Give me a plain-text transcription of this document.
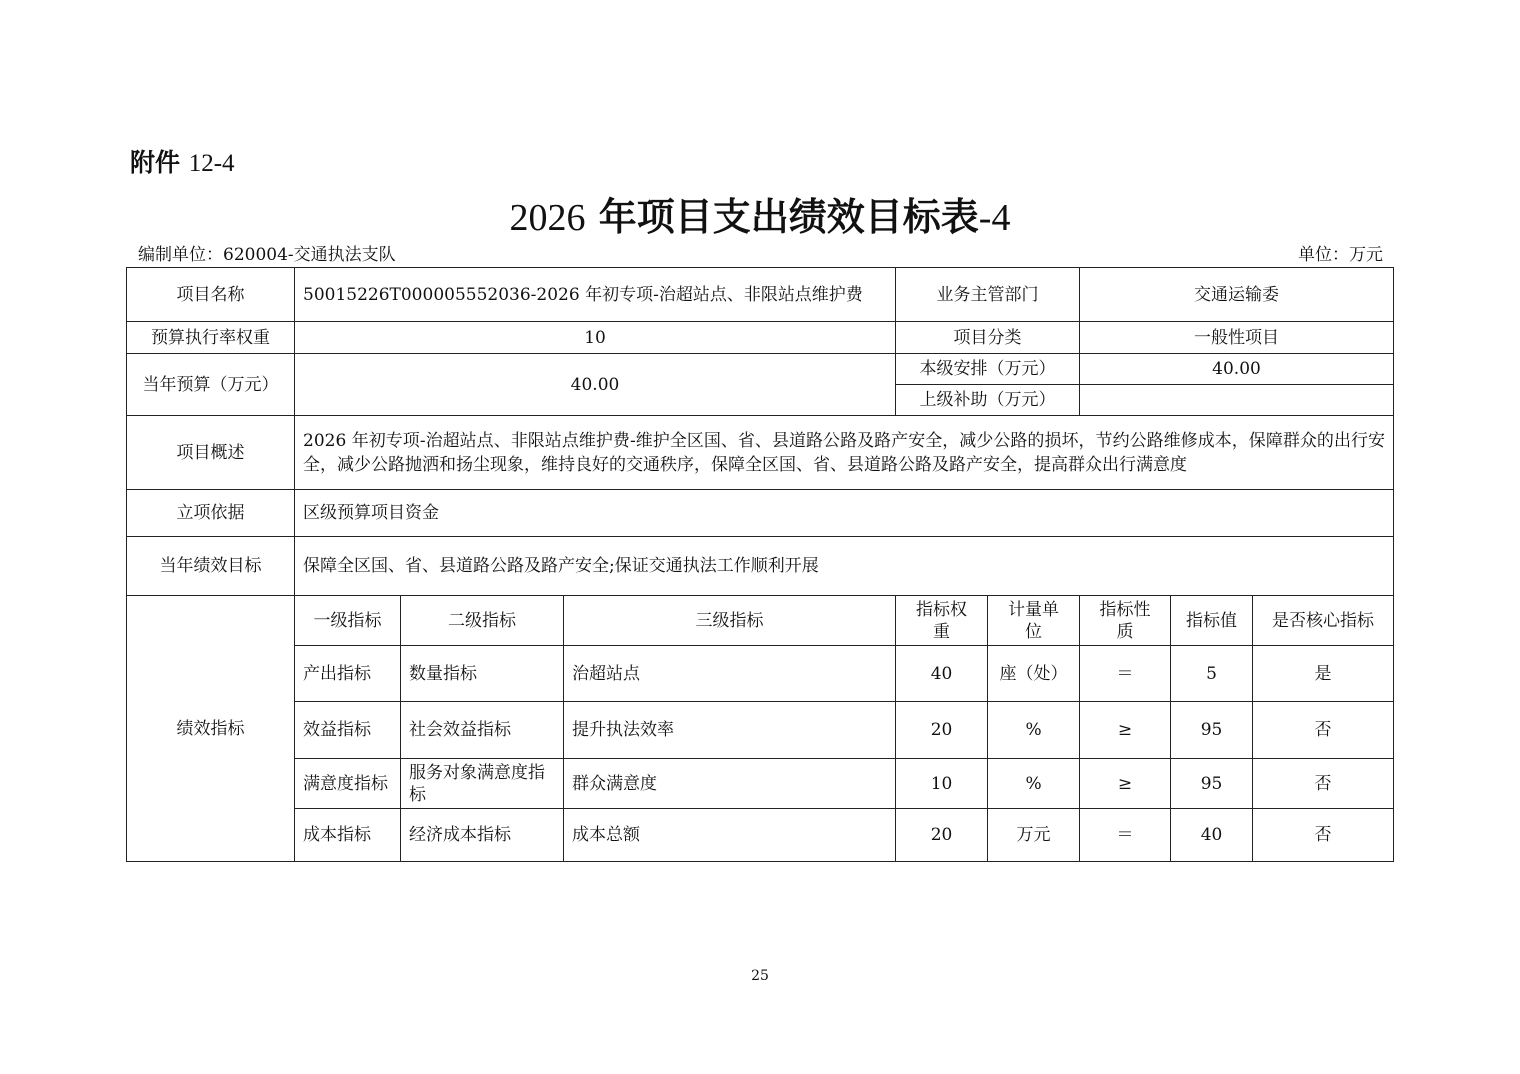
附件 12-4
2026 年项目支出绩效目标表-4
编制单位：620004-交通执法支队	单位：万元
项目名称	50015226T000005552036-2026 年初专项-治超站点、非限站点维护费			业务主管部门		交通运输委		
预算执行率权重	10			项目分类		一般性项目		
当年预算（万元）	40.00			本级安排（万元）		40.00		
				上级补助（万元）				
项目概述	2026 年初专项-治超站点、非限站点维护费-维护全区国、省、县道路公路及路产安全，减少公路的损坏，节约公路维修成本，保障群众的出行安全，减少公路抛洒和扬尘现象，维持良好的交通秩序，保障全区国、省、县道路公路及路产安全，提高群众出行满意度							
立项依据	区级预算项目资金							
当年绩效目标	保障全区国、省、县道路公路及路产安全;保证交通执法工作顺利开展							
绩效指标	一级指标	二级指标	三级指标	指标权重	计量单位	指标性质	指标值	是否核心指标
	产出指标	数量指标	治超站点	40	座（处）	＝	5	是
	效益指标	社会效益指标	提升执法效率	20	%	≥	95	否
	满意度指标	服务对象满意度指标	群众满意度	10	%	≥	95	否
	成本指标	经济成本指标	成本总额	20	万元	＝	40	否
25
